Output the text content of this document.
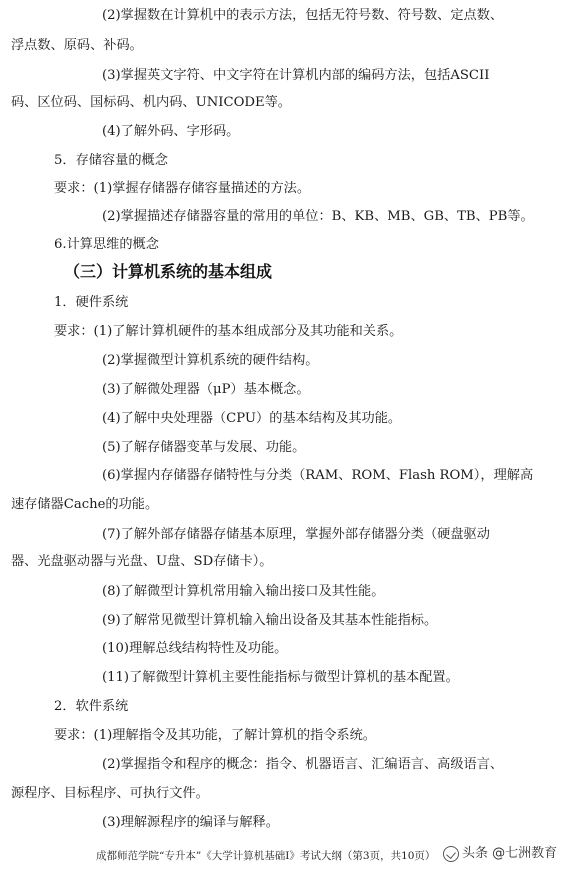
(2)掌握数在计算机中的表示方法，包括无符号数、符号数、定点数、
浮点数、原码、补码。
(3)掌握英文字符、中文字符在计算机内部的编码方法，包括ASCII
码、区位码、国标码、机内码、UNICODE等。
(4)了解外码、字形码。
5．存储容量的概念
要求：(1)掌握存储器存储容量描述的方法。
(2)掌握描述存储器容量的常用的单位：B、KB、MB、GB、TB、PB等。
6.计算思维的概念
（三）计算机系统的基本组成
1．硬件系统
要求：(1)了解计算机硬件的基本组成部分及其功能和关系。
(2)掌握微型计算机系统的硬件结构。
(3)了解微处理器（μP）基本概念。
(4)了解中央处理器（CPU）的基本结构及其功能。
(5)了解存储器变革与发展、功能。
(6)掌握内存储器存储特性与分类（RAM、ROM、Flash ROM），理解高
速存储器Cache的功能。
(7)了解外部存储器存储基本原理，掌握外部存储器分类（硬盘驱动
器、光盘驱动器与光盘、U盘、SD存储卡）。
(8)了解微型计算机常用输入输出接口及其性能。
(9)了解常见微型计算机输入输出设备及其基本性能指标。
(10)理解总线结构特性及功能。
(11)了解微型计算机主要性能指标与微型计算机的基本配置。
2．软件系统
要求：(1)理解指令及其功能，了解计算机的指令系统。
(2)掌握指令和程序的概念：指令、机器语言、汇编语言、高级语言、
源程序、目标程序、可执行文件。
(3)理解源程序的编译与解释。
成都师范学院“专升本”《大学计算机基础Ⅰ》考试大纲（第3页，共10页） 头条 @七洲教育
